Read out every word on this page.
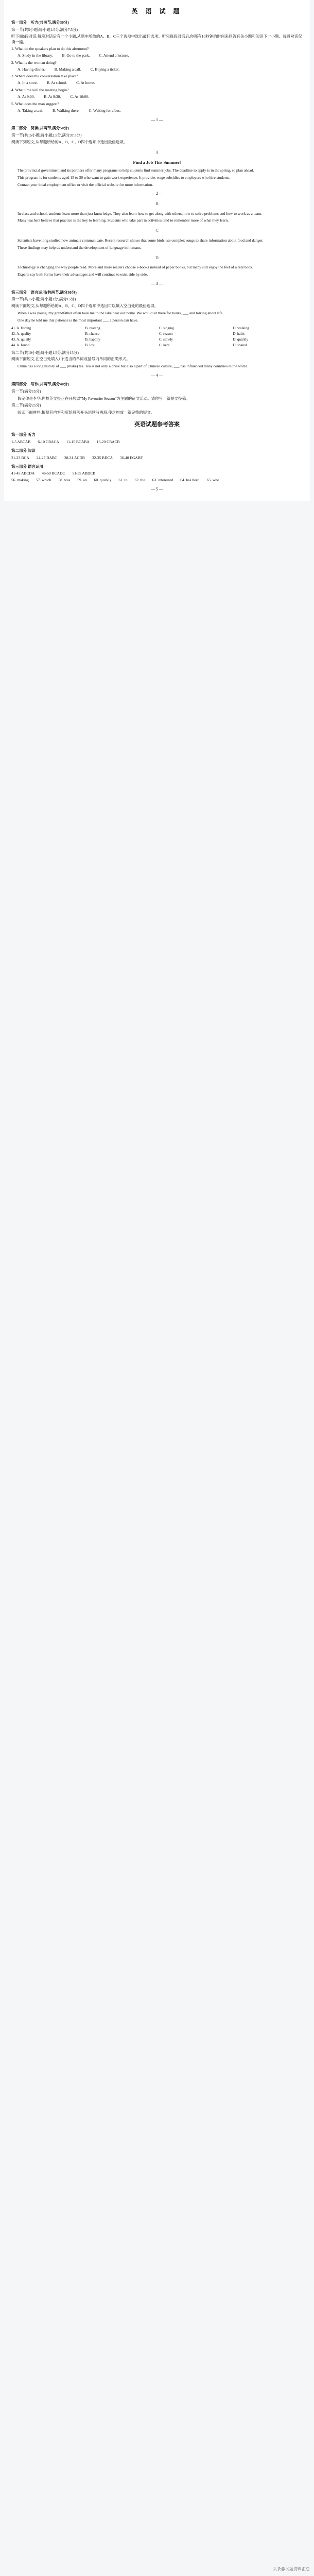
英 语 试 题
第一部分　听力(共两节,满分30分)
第一节(共5小题;每小题1.5分,满分7.5分)
听下面5段对话,每段对话后有一个小题,从题中所给的A、B、C三个选项中选出最佳选项。听完每段对话后,你都有10秒钟的时间来回答有关小题和阅读下一小题。每段对话仅读一遍。
1. What do the speakers plan to do this afternoon?
A. Study in the library. B. Go to the park. C. Attend a lecture.
2. What is the woman doing?
A. Having dinner. B. Making a call. C. Buying a ticket.
3. Where does the conversation take place?
A. In a store. B. At school. C. At home.
4. What time will the meeting begin?
A. At 9:00. B. At 9:30. C. At 10:00.
5. What does the man suggest?
A. Taking a taxi. B. Walking there. C. Waiting for a bus.
— 1 —
第二部分　阅读(共两节,满分50分)
第一节(共15小题;每小题2.5分,满分37.5分)
阅读下列短文,从每题所给的A、B、C、D四个选项中选出最佳选项。
A
Find a Job This Summer!

The provincial government and its partners offer many programs to help students find summer jobs. The deadline to apply is in the spring, so plan ahead.

This program is for students aged 15 to 30 who want to gain work experience. It provides wage subsidies to employers who hire students.

Contact your local employment office or visit the official website for more information.

— 2 —
B

In class and school, students learn more than just knowledge. They also learn how to get along with others, how to solve problems and how to work as a team.

Many teachers believe that practice is the key to learning. Students who take part in activities tend to remember more of what they learn.

C

Scientists have long studied how animals communicate. Recent research shows that some birds use complex songs to share information about food and danger.

These findings may help us understand the development of language in humans.

D

Technology is changing the way people read. More and more readers choose e-books instead of paper books, but many still enjoy the feel of a real book.

Experts say both forms have their advantages and will continue to exist side by side.

— 3 —
第三部分　语言运用(共两节,满分30分)
第一节(共15小题;每小题1分,满分15分)
阅读下面短文,从每题所给的A、B、C、D四个选项中选出可以填入空白处的最佳选项。

When I was young, my grandfather often took me to the lake near our home. We would sit there for hours, ___ and talking about life.

One day he told me that patience is the most important ___ a person can have.

41. A. fishing	B. reading	C. singing	D. walking
42. A. quality	B. chance	C. reason	D. habit
43. A. quietly	B. happily	C. slowly	D. quickly
44. A. found	B. lost	C. kept	D. shared
第二节(共10小题;每小题1.5分,满分15分)
阅读下面短文,在空白处填入1个适当的单词或括号内单词的正确形式。

China has a long history of ___ (make) tea. Tea is not only a drink but also a part of Chinese culture, ___ has influenced many countries in the world.

— 4 —
第四部分　写作(共两节,满分40分)
第一节(满分15分)

假定你是李华,你校英文报正在开展以"My Favourite Season"为主题的征文活动。请你写一篇短文投稿。

第二节(满分25分)

阅读下面材料,根据其内容和所给段落开头语续写两段,使之构成一篇完整的短文。

英语试题参考答案
第一部分 听力
1-5 ABCAB 6-10 CBACA 11-15 BCABA 16-20 CBACB
第二部分 阅读
21-23 BCA 24-27 DABC 28-31 ACDB 32-35 BDCA 36-40 EGABF
第三部分 语言运用
41-45 ABCDA 46-50 BCADC 51-55 ABDCB
56. making 57. which 58. was 59. an 60. quickly 61. to 62. the 63. interested 64. has been 65. who
— 5 —
头条@试题资料汇总
